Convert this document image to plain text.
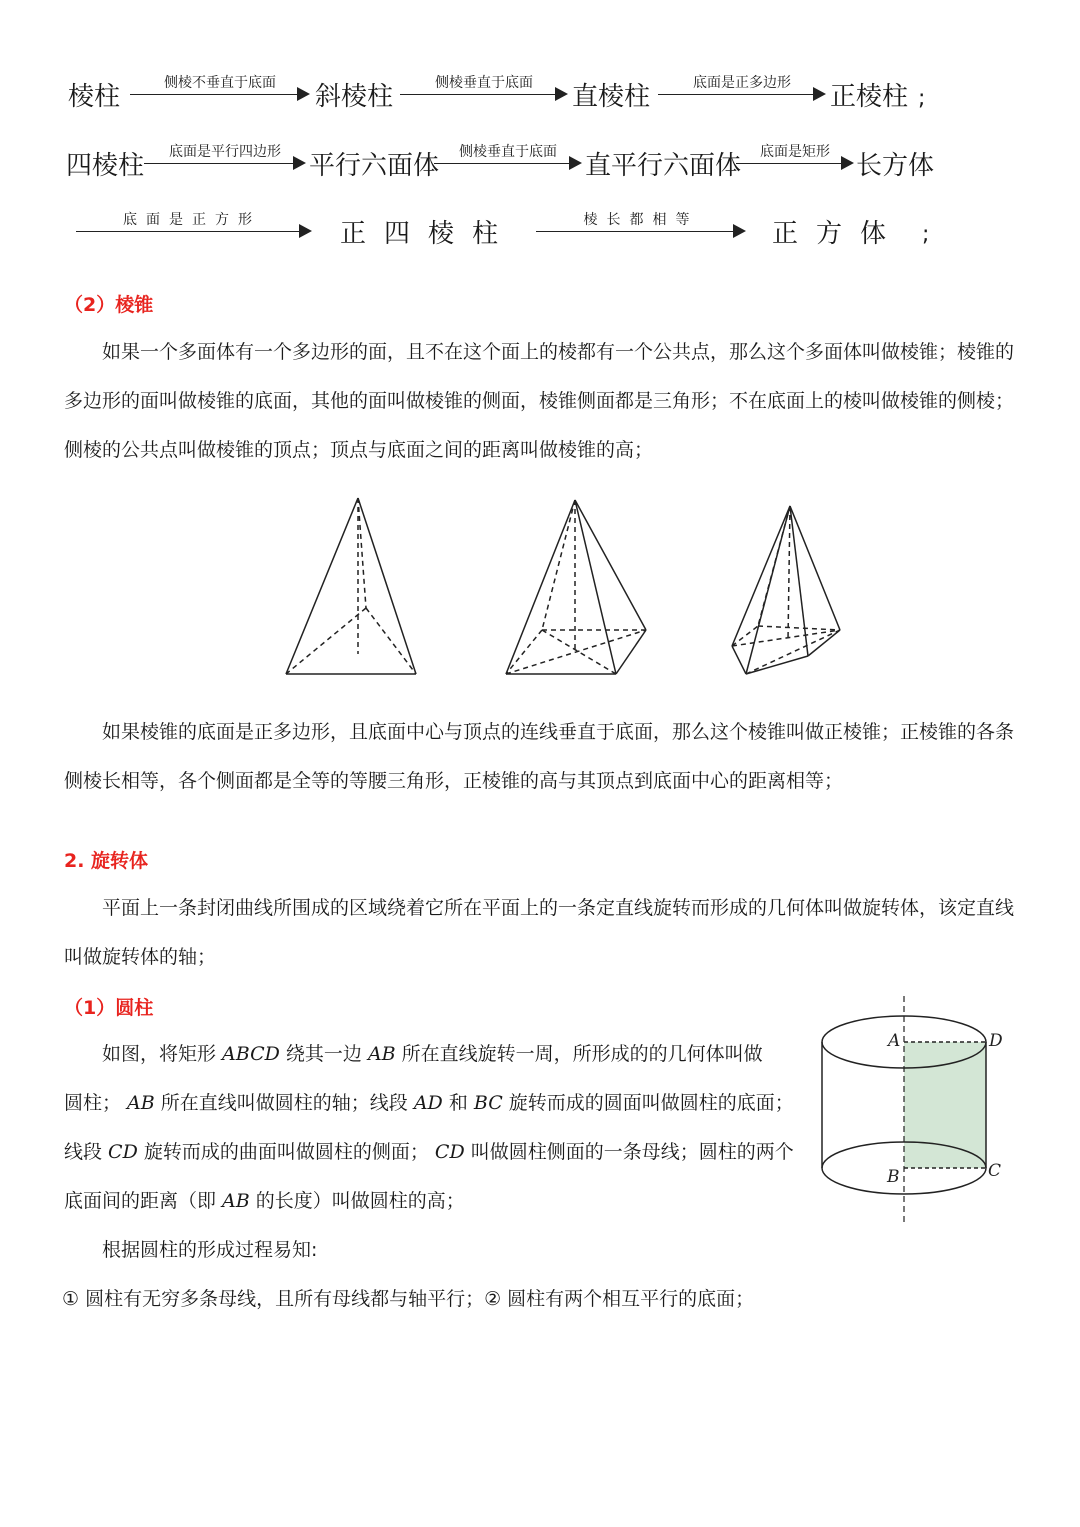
棱柱	侧棱不垂直于底面	斜棱柱	侧棱垂直于底面	直棱柱	底面是正多边形	正棱柱 ;
四棱柱	底面是平行四边形	平行六面体	侧棱垂直于底面	直平行六面体	底面是矩形	长方体
底面是正方形	正四棱柱	棱长都相等	正方体 ;
（2）棱锥
如果一个多面体有一个多边形的面，且不在这个面上的棱都有一个公共点，那么这个多面体叫做棱锥；棱锥的
多边形的面叫做棱锥的底面，其他的面叫做棱锥的侧面，棱锥侧面都是三角形；不在底面上的棱叫做棱锥的侧棱；
侧棱的公共点叫做棱锥的顶点；顶点与底面之间的距离叫做棱锥的高；
如果棱锥的底面是正多边形，且底面中心与顶点的连线垂直于底面，那么这个棱锥叫做正棱锥；正棱锥的各条
侧棱长相等，各个侧面都是全等的等腰三角形，正棱锥的高与其顶点到底面中心的距离相等；
2. 旋转体
平面上一条封闭曲线所围成的区域绕着它所在平面上的一条定直线旋转而形成的几何体叫做旋转体，该定直线
叫做旋转体的轴；
（1）圆柱
如图，将矩形 ABCD 绕其一边 AB 所在直线旋转一周，所形成的的几何体叫做
圆柱； AB 所在直线叫做圆柱的轴；线段 AD 和 BC 旋转而成的圆面叫做圆柱的底面；
线段 CD 旋转而成的曲面叫做圆柱的侧面； CD 叫做圆柱侧面的一条母线；圆柱的两个
底面间的距离（即 AB 的长度）叫做圆柱的高；
根据圆柱的形成过程易知:
① 圆柱有无穷多条母线，且所有母线都与轴平行；② 圆柱有两个相互平行的底面；
A	D
B	C
